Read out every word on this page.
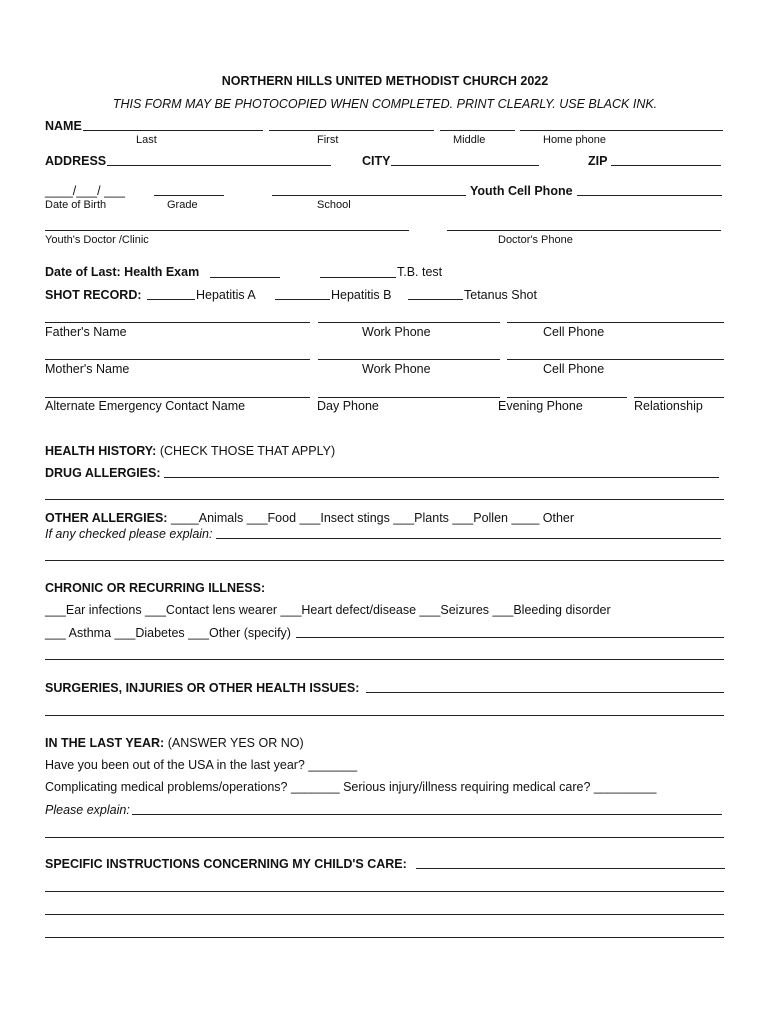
NORTHERN HILLS UNITED METHODIST CHURCH 2022
THIS FORM MAY BE PHOTOCOPIED WHEN COMPLETED. PRINT CLEARLY. USE BLACK INK.
NAME
Last	First	Middle	Home phone
ADDRESS	CITY	ZIP
____/___/ ___	Youth Cell Phone
Date of Birth	Grade	School
Youth's Doctor /Clinic	Doctor's Phone
Date of Last: Health Exam	T.B. test
SHOT RECORD:	Hepatitis A	Hepatitis B	Tetanus Shot
Father's Name	Work Phone	Cell Phone
Mother's Name	Work Phone	Cell Phone
Alternate Emergency Contact Name	Day Phone	Evening Phone	Relationship
HEALTH HISTORY: (CHECK THOSE THAT APPLY)
DRUG ALLERGIES:
OTHER ALLERGIES: ____Animals ___Food ___Insect stings ___Plants ___Pollen ____ Other
If any checked please explain:
CHRONIC OR RECURRING ILLNESS:
___Ear infections ___Contact lens wearer ___Heart defect/disease ___Seizures ___Bleeding disorder
___ Asthma ___Diabetes ___Other (specify)
SURGERIES, INJURIES OR OTHER HEALTH ISSUES:
IN THE LAST YEAR: (ANSWER YES OR NO)
Have you been out of the USA in the last year? _______
Complicating medical problems/operations? _______ Serious injury/illness requiring medical care? _________
Please explain:
SPECIFIC INSTRUCTIONS CONCERNING MY CHILD'S CARE:
